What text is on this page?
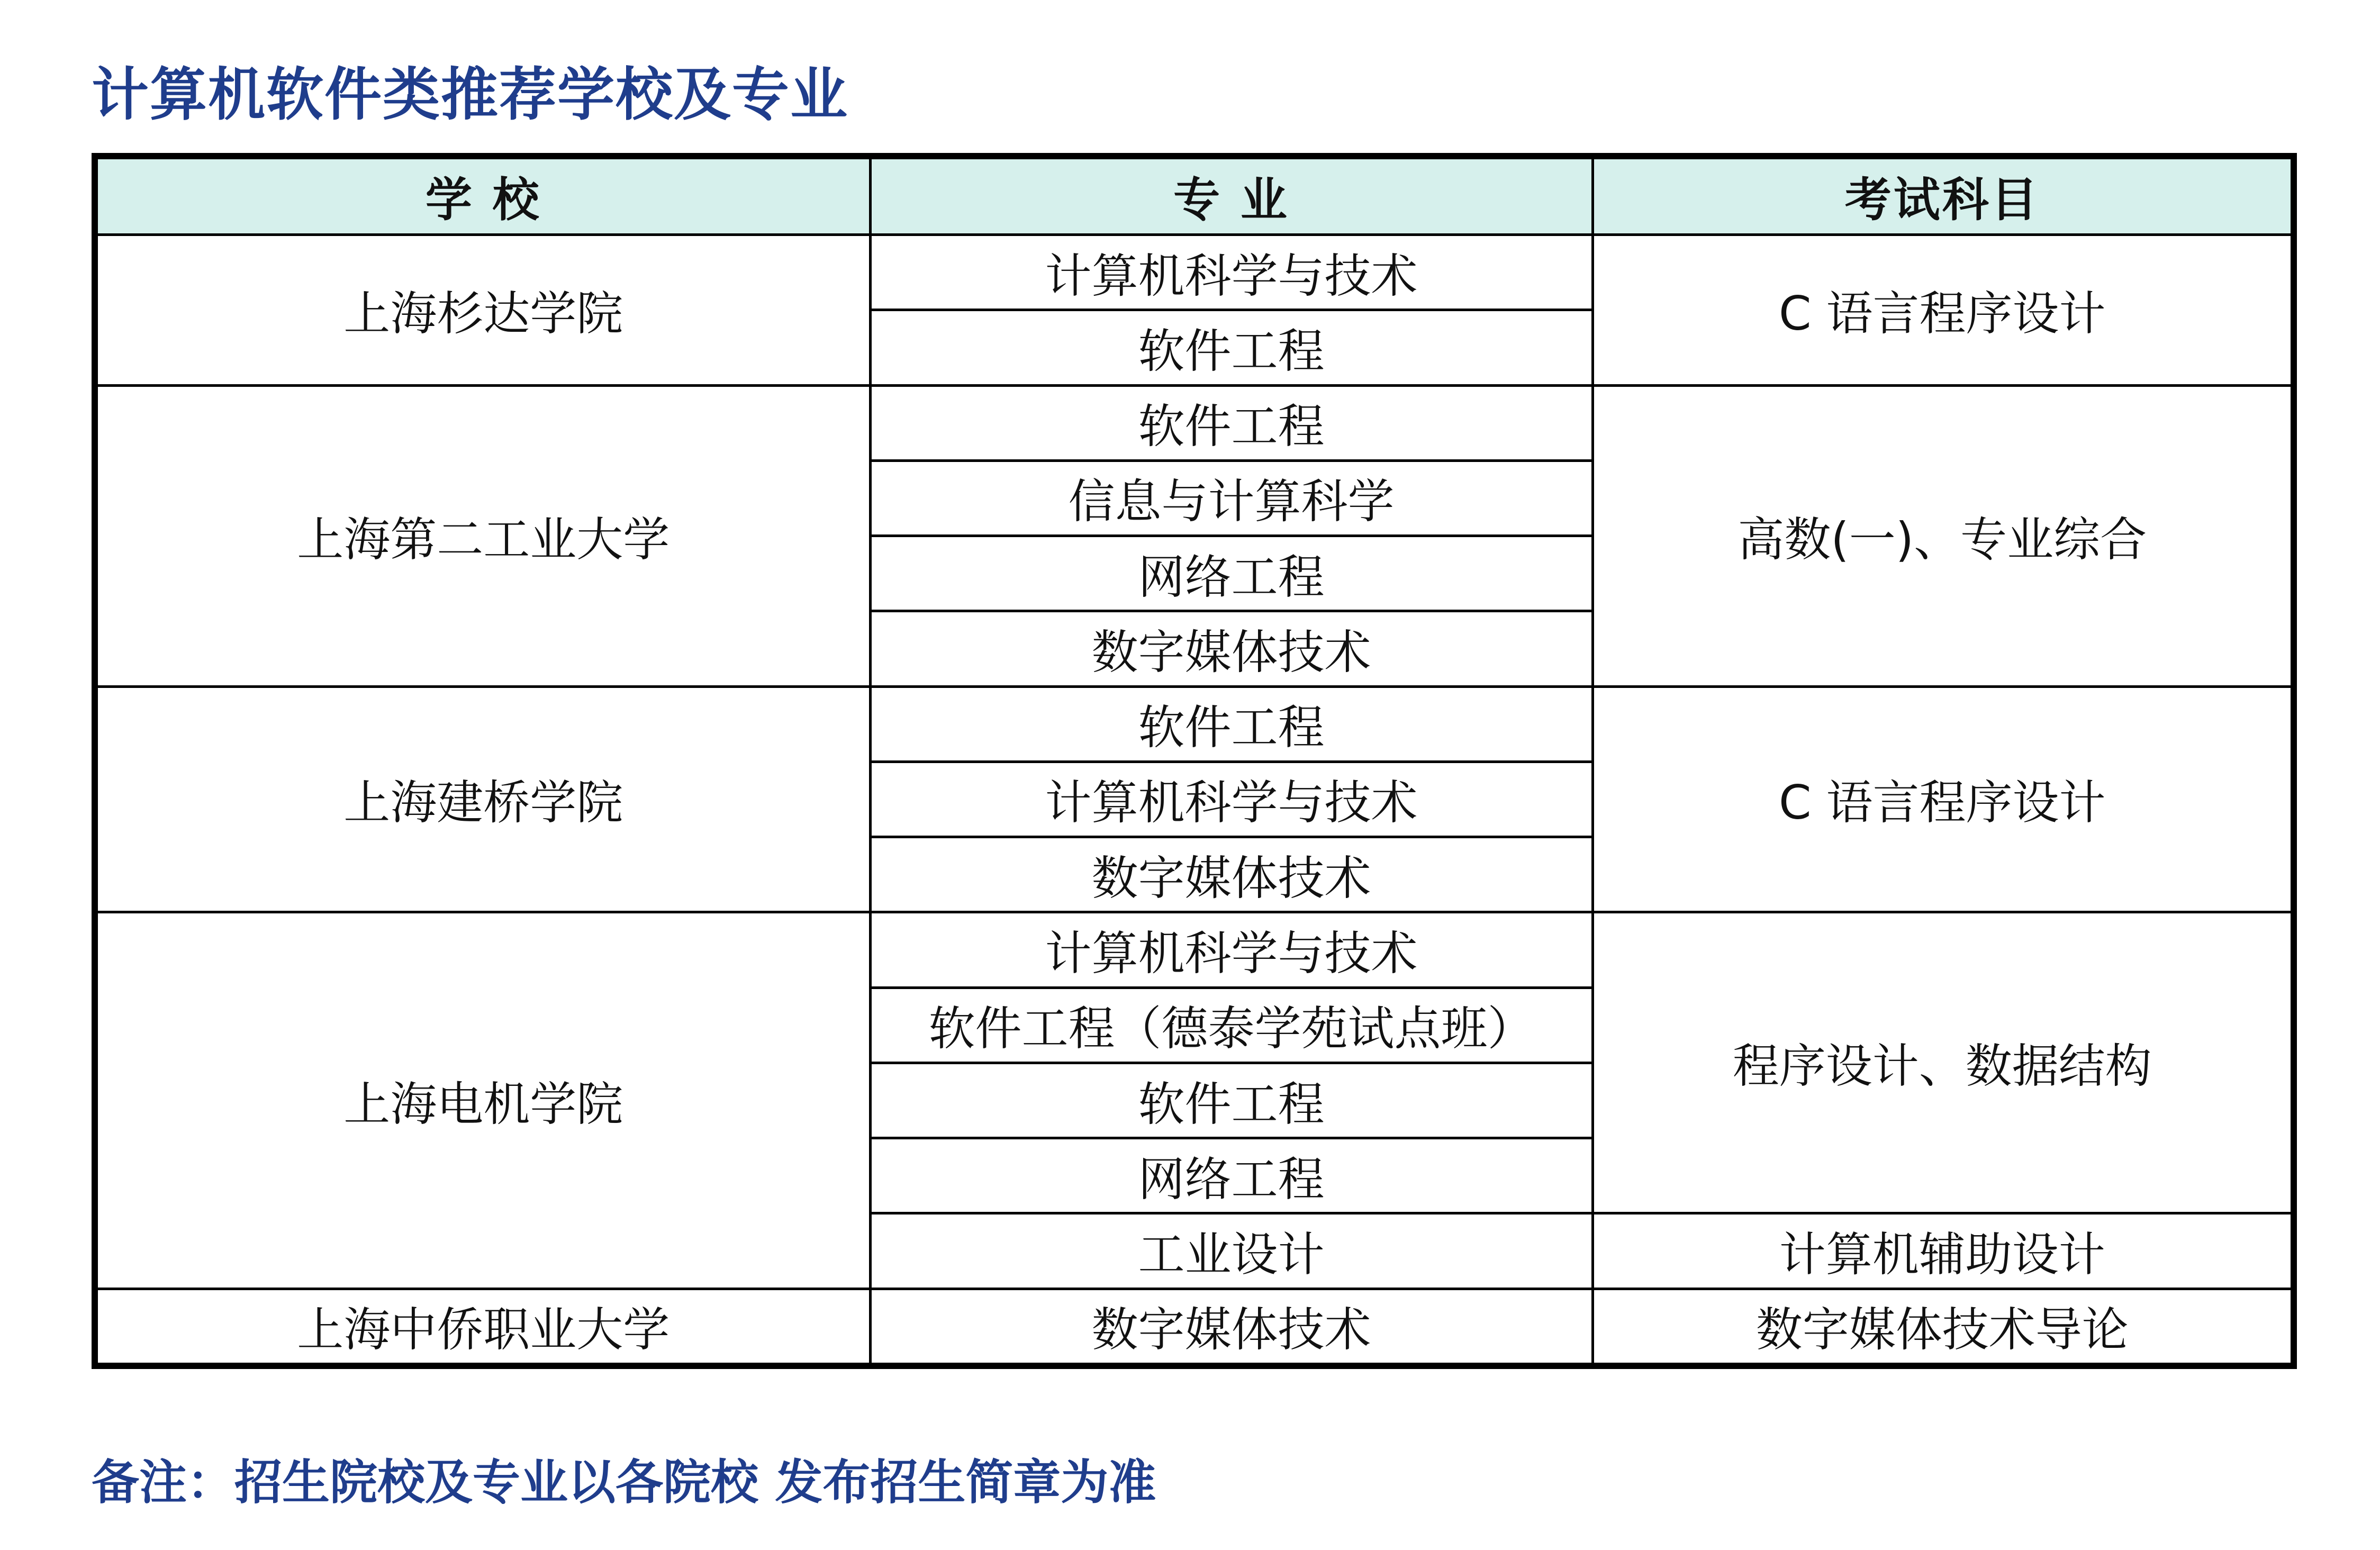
计算机软件类推荐学校及专业
学 校	专 业	考试科目
上海杉达学院	计算机科学与技术	C 语言程序设计
	软件工程	
上海第二工业大学	软件工程	高数(一)、专业综合
	信息与计算科学	
	网络工程	
	数字媒体技术	
上海建桥学院	软件工程	C 语言程序设计
	计算机科学与技术	
	数字媒体技术	
上海电机学院	计算机科学与技术	程序设计、数据结构
	软件工程（德泰学苑试点班）	
	软件工程	
	网络工程	
	工业设计	计算机辅助设计
上海中侨职业大学	数字媒体技术	数字媒体技术导论

备注：招生院校及专业以各院校 发布招生简章为准
